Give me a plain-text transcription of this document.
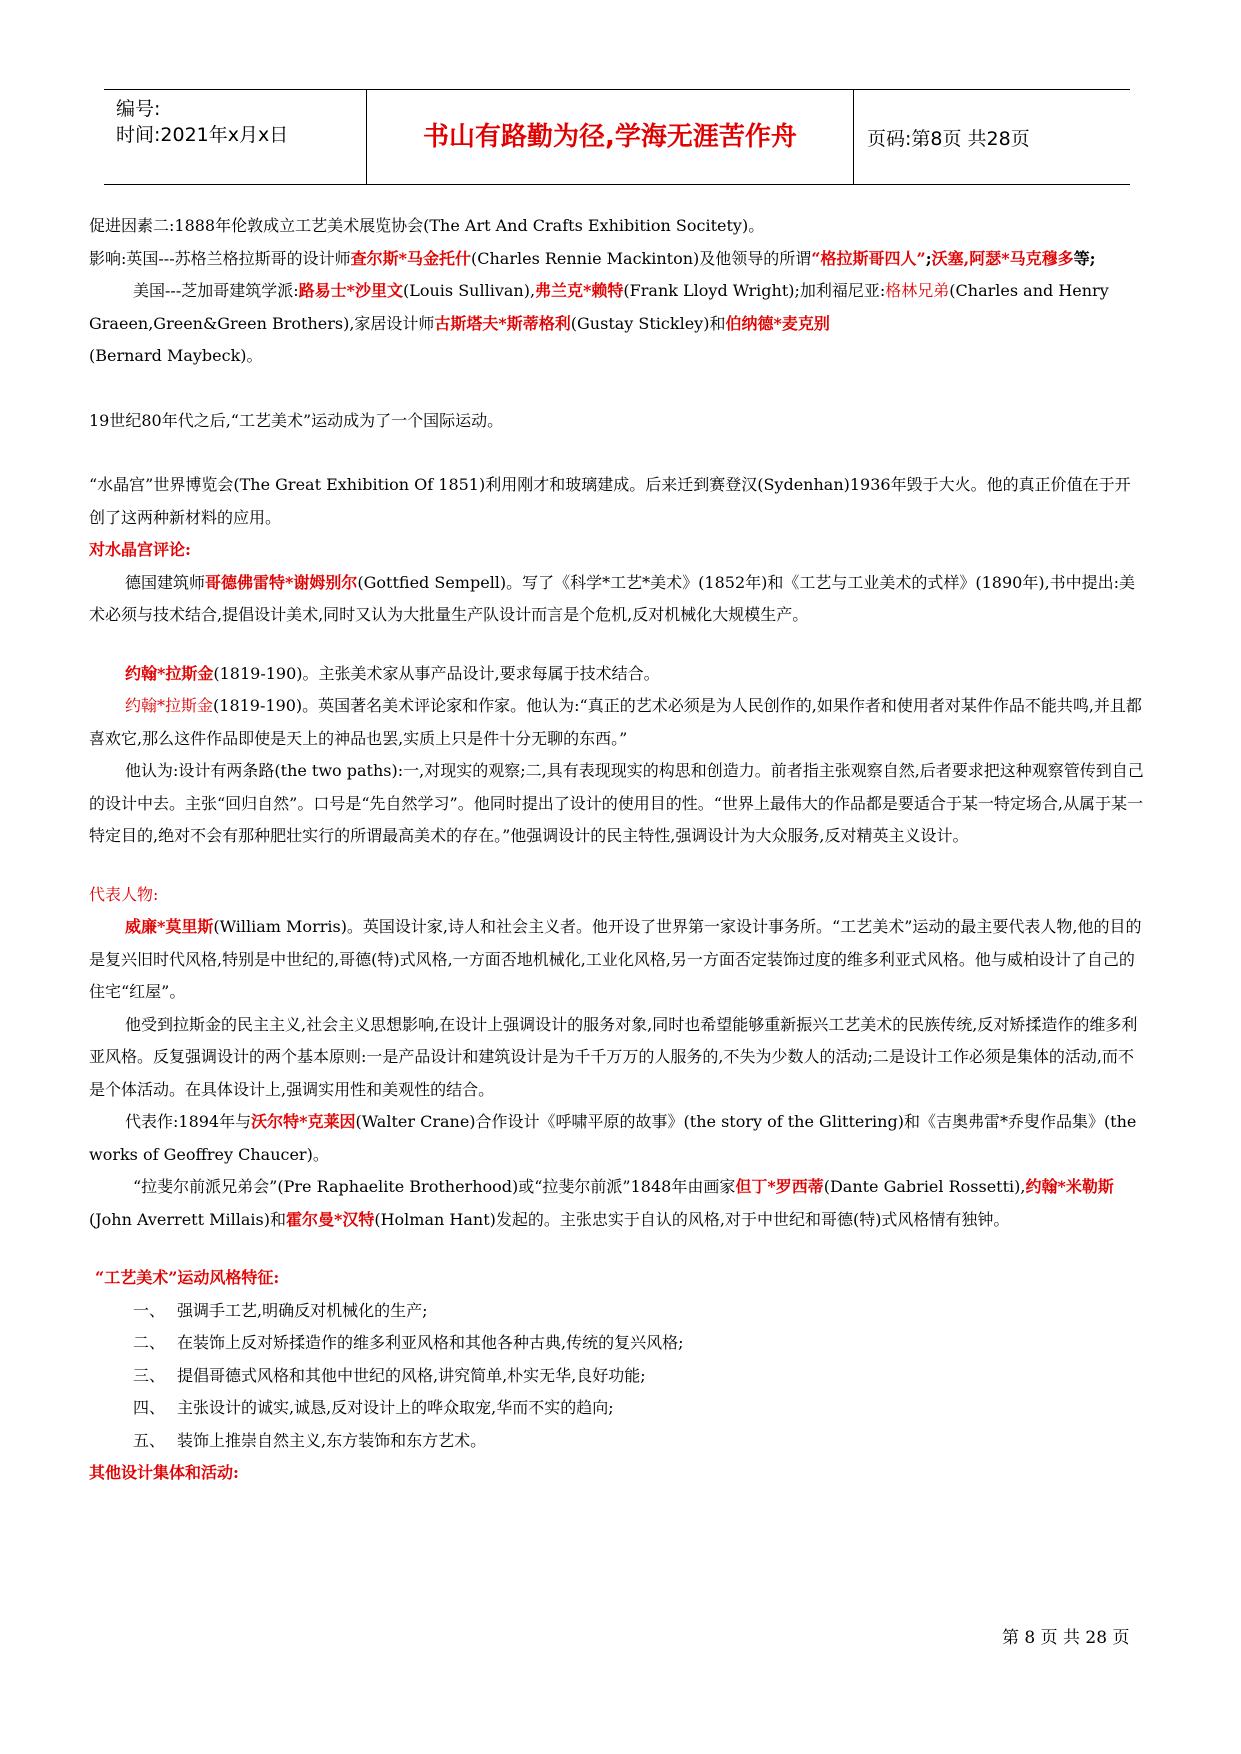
编号:
时间:2021年x月x日	书山有路勤为径,学海无涯苦作舟	页码:第8页 共28页

促进因素二:1888年伦敦成立工艺美术展览协会(The Art And Crafts Exhibition Socitety)。

影响:英国---苏格兰格拉斯哥的设计师查尔斯*马金托什(Charles Rennie Mackinton)及他领导的所谓“格拉斯哥四人”;沃塞,阿瑟*马克穆多等;

美国---芝加哥建筑学派:路易士*沙里文(Louis Sullivan),弗兰克*赖特(Frank Lloyd Wright);加利福尼亚:格林兄弟(Charles and Henry Graeen,Green&Green Brothers),家居设计师古斯塔夫*斯蒂格利(Gustay Stickley)和伯纳德*麦克别
(Bernard Maybeck)。

19世纪80年代之后,“工艺美术”运动成为了一个国际运动。

“水晶宫”世界博览会(The Great Exhibition Of 1851)利用刚才和玻璃建成。后来迁到赛登汉(Sydenhan)1936年毁于大火。他的真正价值在于开创了这两种新材料的应用。

对水晶宫评论:

德国建筑师哥德佛雷特*谢姆别尔(Gottfied Sempell)。写了《科学*工艺*美术》(1852年)和《工艺与工业美术的式样》(1890年),书中提出:美术必须与技术结合,提倡设计美术,同时又认为大批量生产队设计而言是个危机,反对机械化大规模生产。

约翰*拉斯金(1819-190)。主张美术家从事产品设计,要求每属于技术结合。

约翰*拉斯金(1819-190)。英国著名美术评论家和作家。他认为:“真正的艺术必须是为人民创作的,如果作者和使用者对某件作品不能共鸣,并且都喜欢它,那么这件作品即使是天上的神品也罢,实质上只是件十分无聊的东西。”

他认为:设计有两条路(the two paths):一,对现实的观察;二,具有表现现实的构思和创造力。前者指主张观察自然,后者要求把这种观察管传到自己的设计中去。主张“回归自然”。口号是“先自然学习”。他同时提出了设计的使用目的性。“世界上最伟大的作品都是要适合于某一特定场合,从属于某一特定目的,绝对不会有那种肥壮实行的所谓最高美术的存在。”他强调设计的民主特性,强调设计为大众服务,反对精英主义设计。

代表人物:

威廉*莫里斯(William Morris)。英国设计家,诗人和社会主义者。他开设了世界第一家设计事务所。“工艺美术”运动的最主要代表人物,他的目的是复兴旧时代风格,特别是中世纪的,哥德(特)式风格,一方面否地机械化,工业化风格,另一方面否定装饰过度的维多利亚式风格。他与威柏设计了自己的住宅“红屋”。

他受到拉斯金的民主主义,社会主义思想影响,在设计上强调设计的服务对象,同时也希望能够重新振兴工艺美术的民族传统,反对矫揉造作的维多利亚风格。反复强调设计的两个基本原则:一是产品设计和建筑设计是为千千万万的人服务的,不失为少数人的活动;二是设计工作必须是集体的活动,而不是个体活动。在具体设计上,强调实用性和美观性的结合。

代表作:1894年与沃尔特*克莱因(Walter Crane)合作设计《呼啸平原的故事》(the story of the Glittering)和《吉奥弗雷*乔叟作品集》(the works of Geoffrey Chaucer)。

“拉斐尔前派兄弟会”(Pre Raphaelite Brotherhood)或“拉斐尔前派”1848年由画家但丁*罗西蒂(Dante Gabriel Rossetti),约翰*米勒斯(John Averrett Millais)和霍尔曼*汉特(Holman Hant)发起的。主张忠实于自认的风格,对于中世纪和哥德(特)式风格情有独钟。

“工艺美术”运动风格特征:

一、 强调手工艺,明确反对机械化的生产;

二、 在装饰上反对矫揉造作的维多利亚风格和其他各种古典,传统的复兴风格;

三、 提倡哥德式风格和其他中世纪的风格,讲究简单,朴实无华,良好功能;

四、 主张设计的诚实,诚恳,反对设计上的哗众取宠,华而不实的趋向;

五、 装饰上推崇自然主义,东方装饰和东方艺术。

其他设计集体和活动:

第 8 页 共 28 页
